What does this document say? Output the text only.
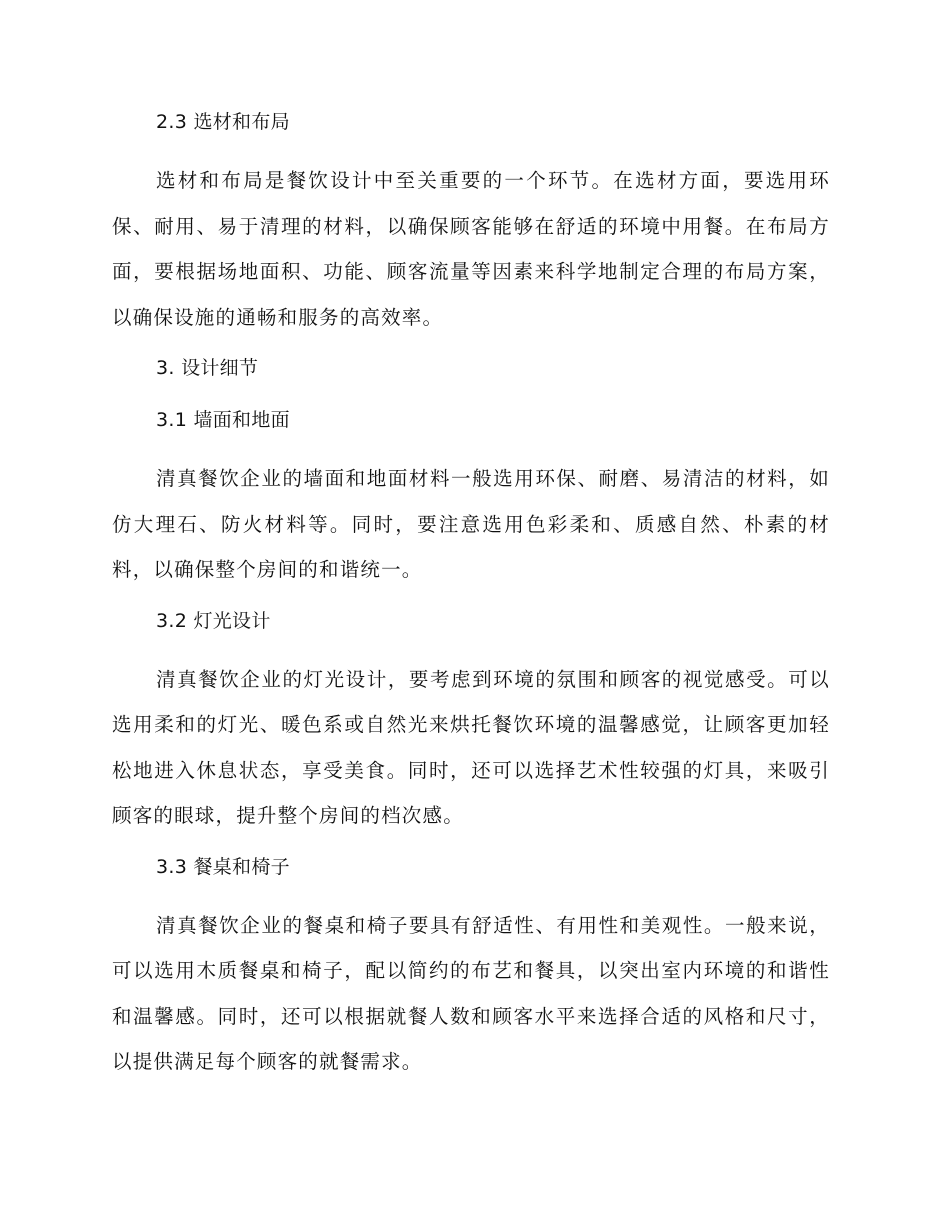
2.3 选材和布局

选材和布局是餐饮设计中至关重要的一个环节。在选材方面，要选用环保、耐用、易于清理的材料，以确保顾客能够在舒适的环境中用餐。在布局方面，要根据场地面积、功能、顾客流量等因素来科学地制定合理的布局方案，以确保设施的通畅和服务的高效率。

3. 设计细节
3.1 墙面和地面

清真餐饮企业的墙面和地面材料一般选用环保、耐磨、易清洁的材料，如仿大理石、防火材料等。同时，要注意选用色彩柔和、质感自然、朴素的材料，以确保整个房间的和谐统一。

3.2 灯光设计

清真餐饮企业的灯光设计，要考虑到环境的氛围和顾客的视觉感受。可以选用柔和的灯光、暖色系或自然光来烘托餐饮环境的温馨感觉，让顾客更加轻松地进入休息状态，享受美食。同时，还可以选择艺术性较强的灯具，来吸引顾客的眼球，提升整个房间的档次感。

3.3 餐桌和椅子

清真餐饮企业的餐桌和椅子要具有舒适性、有用性和美观性。一般来说，可以选用木质餐桌和椅子，配以简约的布艺和餐具，以突出室内环境的和谐性和温馨感。同时，还可以根据就餐人数和顾客水平来选择合适的风格和尺寸，以提供满足每个顾客的就餐需求。
